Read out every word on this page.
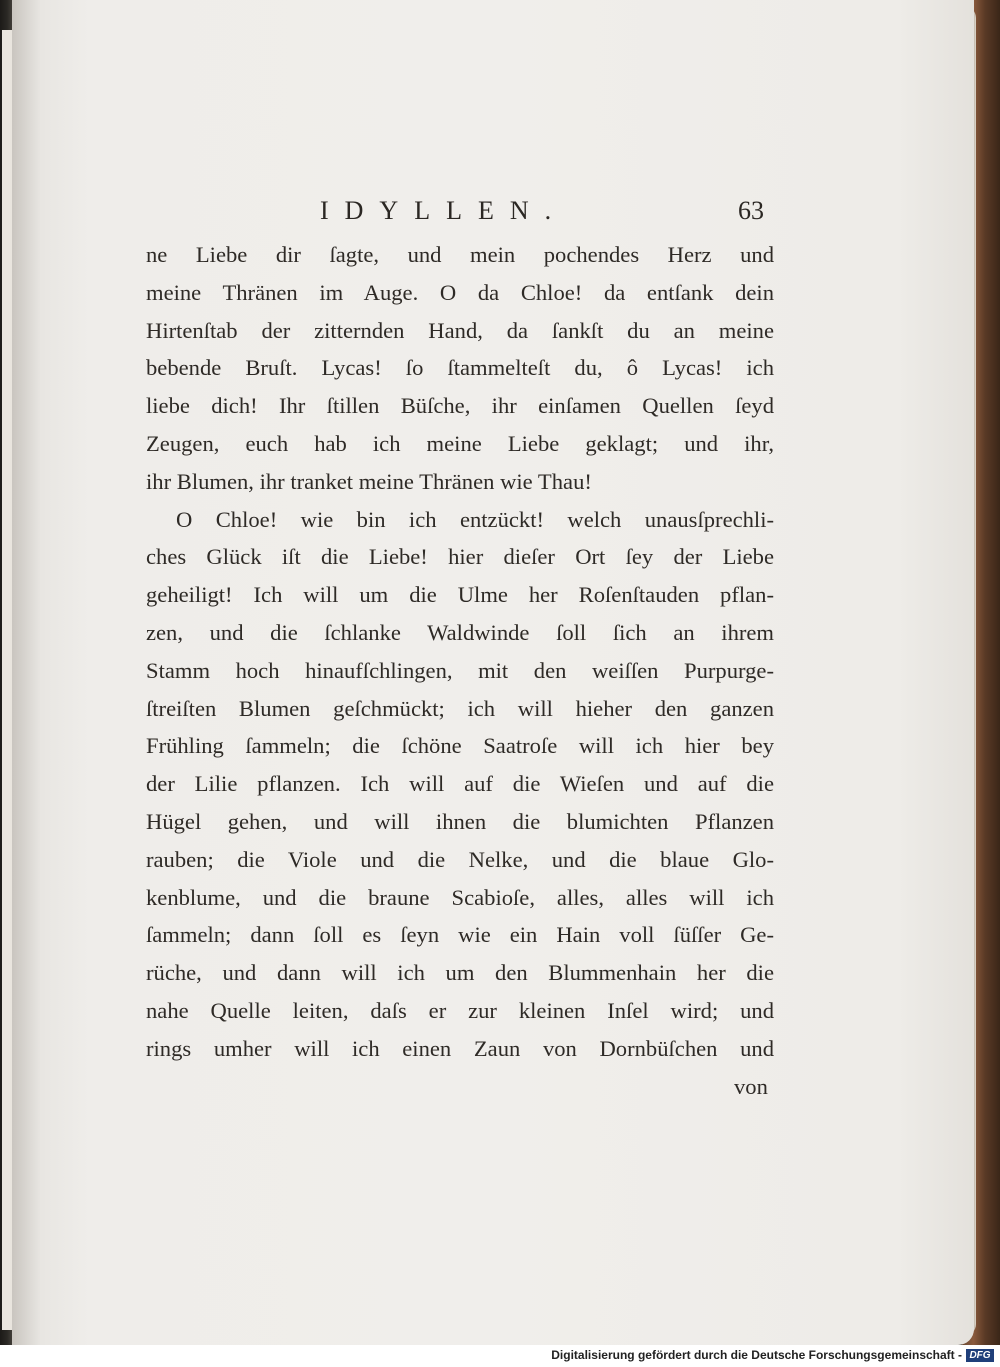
IDYLLEN.	63
ne Liebe dir ſagte, und mein pochendes Herz und
meine Thränen im Auge. O da Chloe! da entſank dein
Hirtenſtab der zitternden Hand, da ſankſt du an meine
bebende Bruſt. Lycas! ſo ſtammelteſt du, ô Lycas! ich
liebe dich! Ihr ſtillen Büſche, ihr einſamen Quellen ſeyd
Zeugen, euch hab ich meine Liebe geklagt; und ihr,
ihr Blumen, ihr tranket meine Thränen wie Thau!
O Chloe! wie bin ich entzückt! welch unausſprechli-
ches Glück iſt die Liebe! hier dieſer Ort ſey der Liebe
geheiligt! Ich will um die Ulme her Roſenſtauden pflan-
zen, und die ſchlanke Waldwinde ſoll ſich an ihrem
Stamm hoch hinaufſchlingen, mit den weiſſen Purpurge-
ſtreiſten Blumen geſchmückt; ich will hieher den ganzen
Frühling ſammeln; die ſchöne Saatroſe will ich hier bey
der Lilie pflanzen. Ich will auf die Wieſen und auf die
Hügel gehen, und will ihnen die blumichten Pflanzen
rauben; die Viole und die Nelke, und die blaue Glo-
kenblume, und die braune Scabioſe, alles, alles will ich
ſammeln; dann ſoll es ſeyn wie ein Hain voll ſüſſer Ge-
rüche, und dann will ich um den Blummenhain her die
nahe Quelle leiten, daſs er zur kleinen Inſel wird; und
rings umher will ich einen Zaun von Dornbüſchen und
von
Digitalisierung gefördert durch die Deutsche Forschungsgemeinschaft - DFG
